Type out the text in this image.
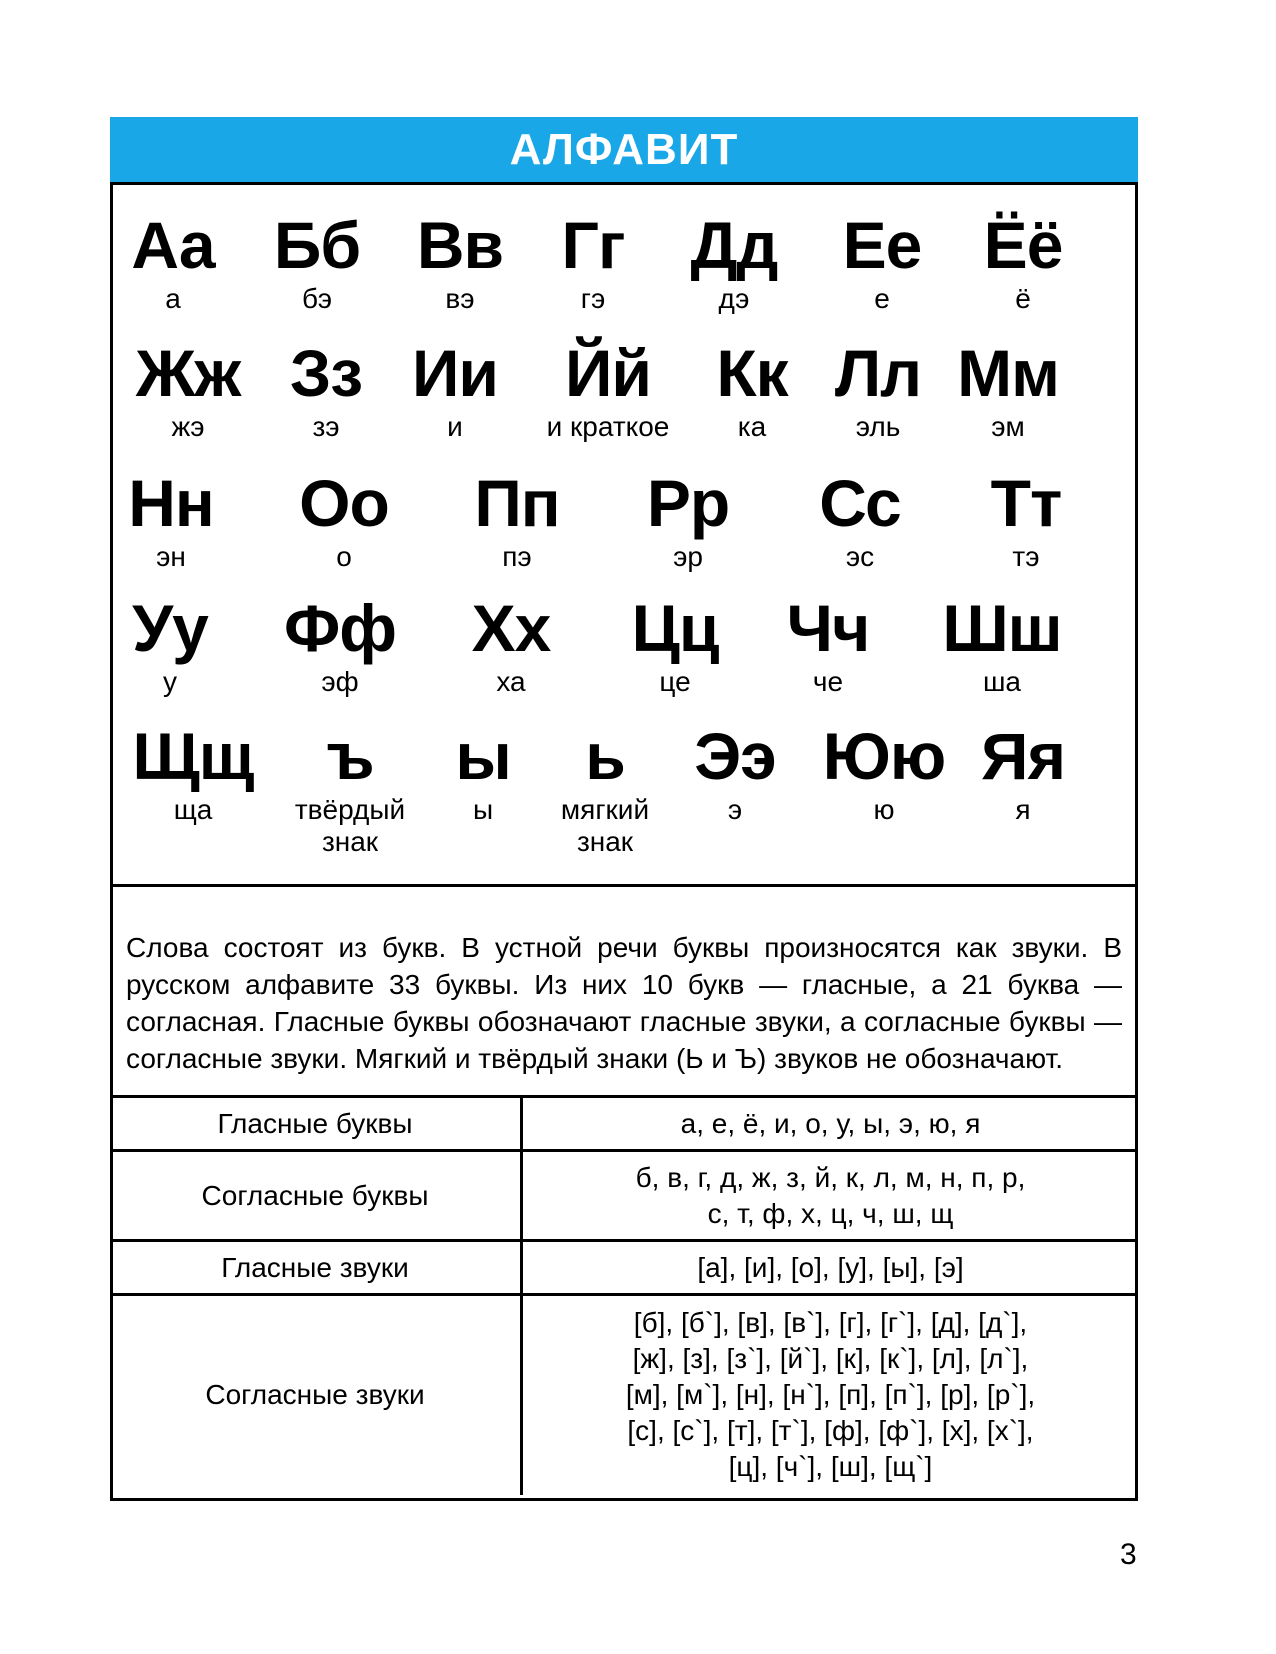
АЛФАВИТ
Аа
а
Бб
бэ
Вв
вэ
Гг
гэ
Дд
дэ
Ее
е
Ёё
ё
Жж
жэ
Зз
зэ
Ии
и
Йй
и краткое
Кк
ка
Лл
эль
Мм
эм
Нн
эн
Оо
о
Пп
пэ
Рр
эр
Сс
эс
Тт
тэ
Уу
у
Фф
эф
Хх
ха
Цц
це
Чч
че
Шш
ша
Щщ
ща
ъ
твёрдый
знак
ы
ы
ь
мягкий
знак
Ээ
э
Юю
ю
Яя
я

Слова состоят из букв. В устной речи буквы произносятся как звуки. В русском алфавите 33 буквы. Из них 10 букв — гласные, а 21 буква — согласная. Гласные буквы обозначают гласные звуки, а согласные буквы — согласные звуки. Мягкий и твёрдый знаки (Ь и Ъ) звуков не обозначают.

Гласные буквы	а, е, ё, и, о, у, ы, э, ю, я
Согласные буквы	б, в, г, д, ж, з, й, к, л, м, н, п, р,
с, т, ф, х, ц, ч, ш, щ
Гласные звуки	[а], [и], [о], [у], [ы], [э]
Согласные звуки	[б], [б`], [в], [в`], [г], [г`], [д], [д`],
[ж], [з], [з`], [й`], [к], [к`], [л], [л`],
[м], [м`], [н], [н`], [п], [п`], [р], [р`],
[с], [с`], [т], [т`], [ф], [ф`], [х], [х`],
[ц], [ч`], [ш], [щ`]
3
